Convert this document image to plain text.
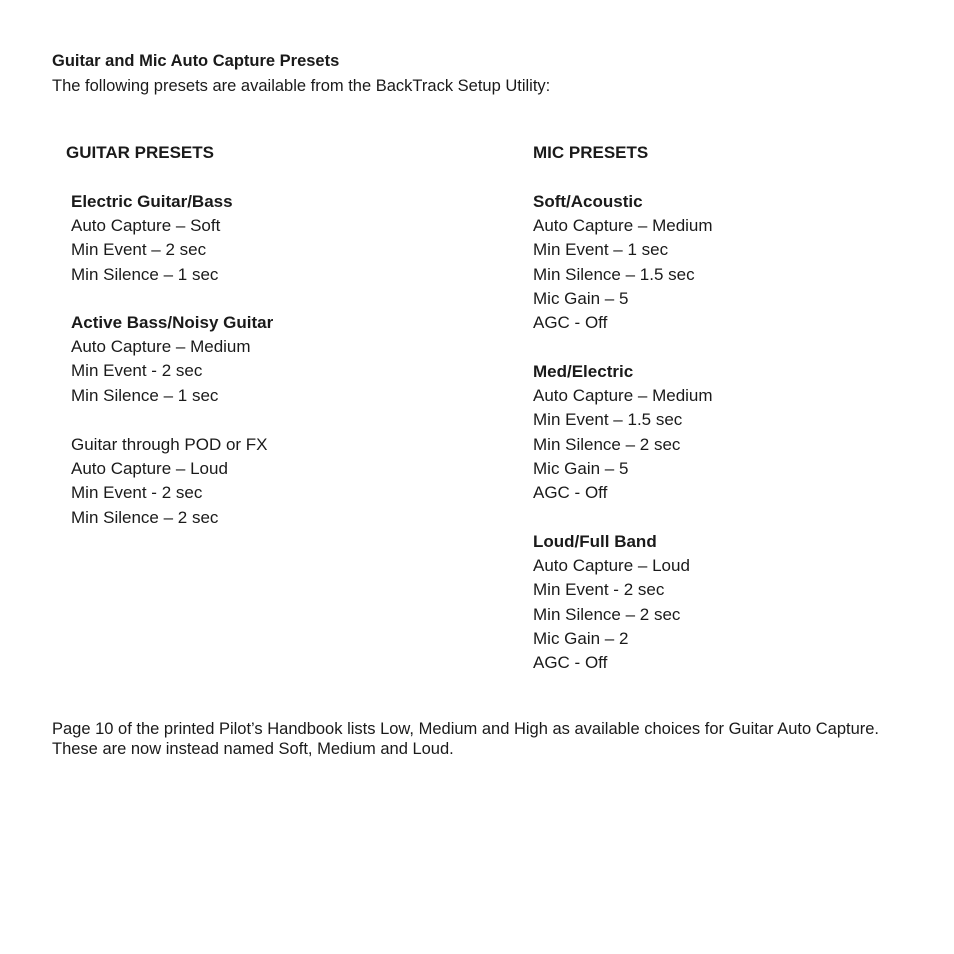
Guitar and Mic Auto Capture Presets
The following presets are available from the BackTrack Setup Utility:
GUITAR PRESETS	MIC PRESETS
Electric Guitar/Bass
Auto Capture – Soft
Min Event – 2 sec
Min Silence – 1 sec
Active Bass/Noisy Guitar
Auto Capture – Medium
Min Event - 2 sec
Min Silence – 1 sec
Guitar through POD or FX
Auto Capture – Loud
Min Event - 2 sec
Min Silence – 2 sec
Soft/Acoustic
Auto Capture – Medium
Min Event – 1 sec
Min Silence – 1.5 sec
Mic Gain – 5
AGC - Off
Med/Electric
Auto Capture – Medium
Min Event – 1.5 sec
Min Silence – 2 sec
Mic Gain – 5
AGC - Off
Loud/Full Band
Auto Capture – Loud
Min Event - 2 sec
Min Silence – 2 sec
Mic Gain – 2
AGC - Off
Page 10 of the printed Pilot’s Handbook lists Low, Medium and High as available choices for Guitar Auto Capture. These are now instead named Soft, Medium and Loud.
